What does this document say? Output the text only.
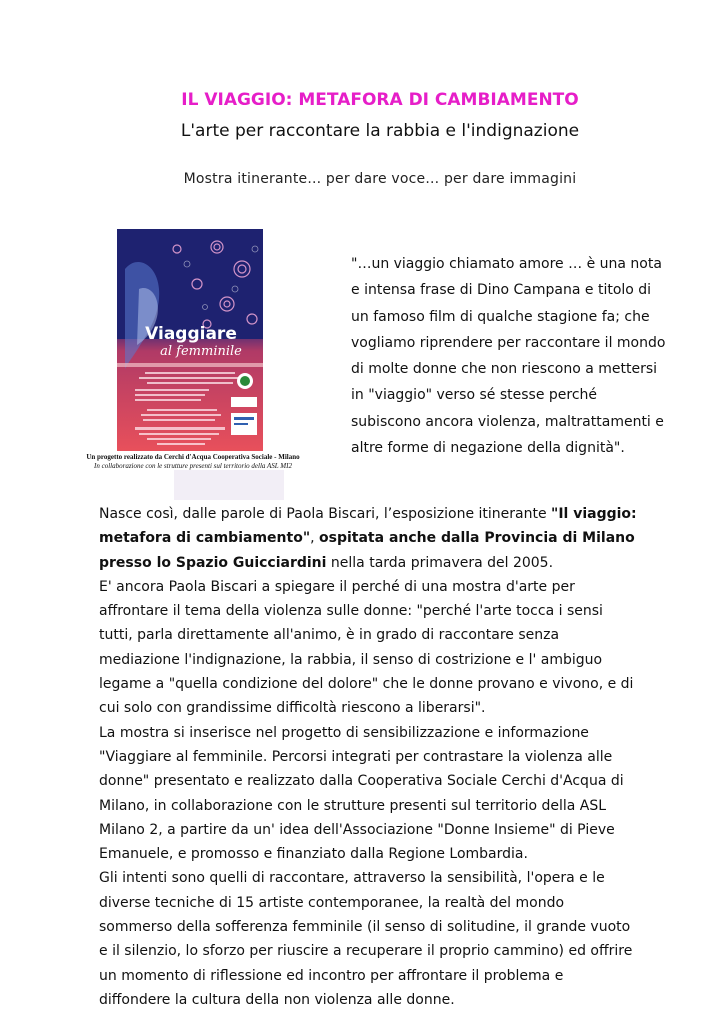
IL VIAGGIO: METAFORA DI CAMBIAMENTO
L'arte per raccontare la rabbia e l'indignazione

Mostra itinerante... per dare voce... per dare immagini

Viaggiare
al femminile
Un progetto realizzato da Cerchi d'Acqua Cooperativa Sociale - Milano
In collaborazione con le strutture presenti sul territorio della ASL MI2

"…un viaggio chiamato amore … è una nota e intensa frase di Dino Campana e titolo di un famoso film di qualche stagione fa; che vogliamo riprendere per raccontare il mondo di molte donne che non riescono a mettersi in "viaggio" verso sé stesse perché subiscono ancora violenza, maltrattamenti e altre forme di negazione della dignità".

Nasce così, dalle parole di Paola Biscari, l’esposizione itinerante "Il viaggio: metafora di cambiamento", ospitata anche dalla Provincia di Milano presso lo Spazio Guicciardini nella tarda primavera del 2005.

E' ancora Paola Biscari a spiegare il perché di una mostra d'arte per affrontare il tema della violenza sulle donne: "perché l'arte tocca i sensi tutti, parla direttamente all'animo, è in grado di raccontare senza mediazione l'indignazione, la rabbia, il senso di costrizione e l' ambiguo legame a "quella condizione del dolore" che le donne provano e vivono, e di cui solo con grandissime difficoltà riescono a liberarsi".

La mostra si inserisce nel progetto di sensibilizzazione e informazione "Viaggiare al femminile. Percorsi integrati per contrastare la violenza alle donne" presentato e realizzato dalla Cooperativa Sociale Cerchi d'Acqua di Milano, in collaborazione con le strutture presenti sul territorio della ASL Milano 2, a partire da un' idea dell'Associazione "Donne Insieme" di Pieve Emanuele, e promosso e finanziato dalla Regione Lombardia.

Gli intenti sono quelli di raccontare, attraverso la sensibilità, l'opera e le diverse tecniche di 15 artiste contemporanee, la realtà del mondo sommerso della sofferenza femminile (il senso di solitudine, il grande vuoto e il silenzio, lo sforzo per riuscire a recuperare il proprio cammino) ed offrire un momento di riflessione ed incontro per affrontare il problema e diffondere la cultura della non violenza alle donne.
